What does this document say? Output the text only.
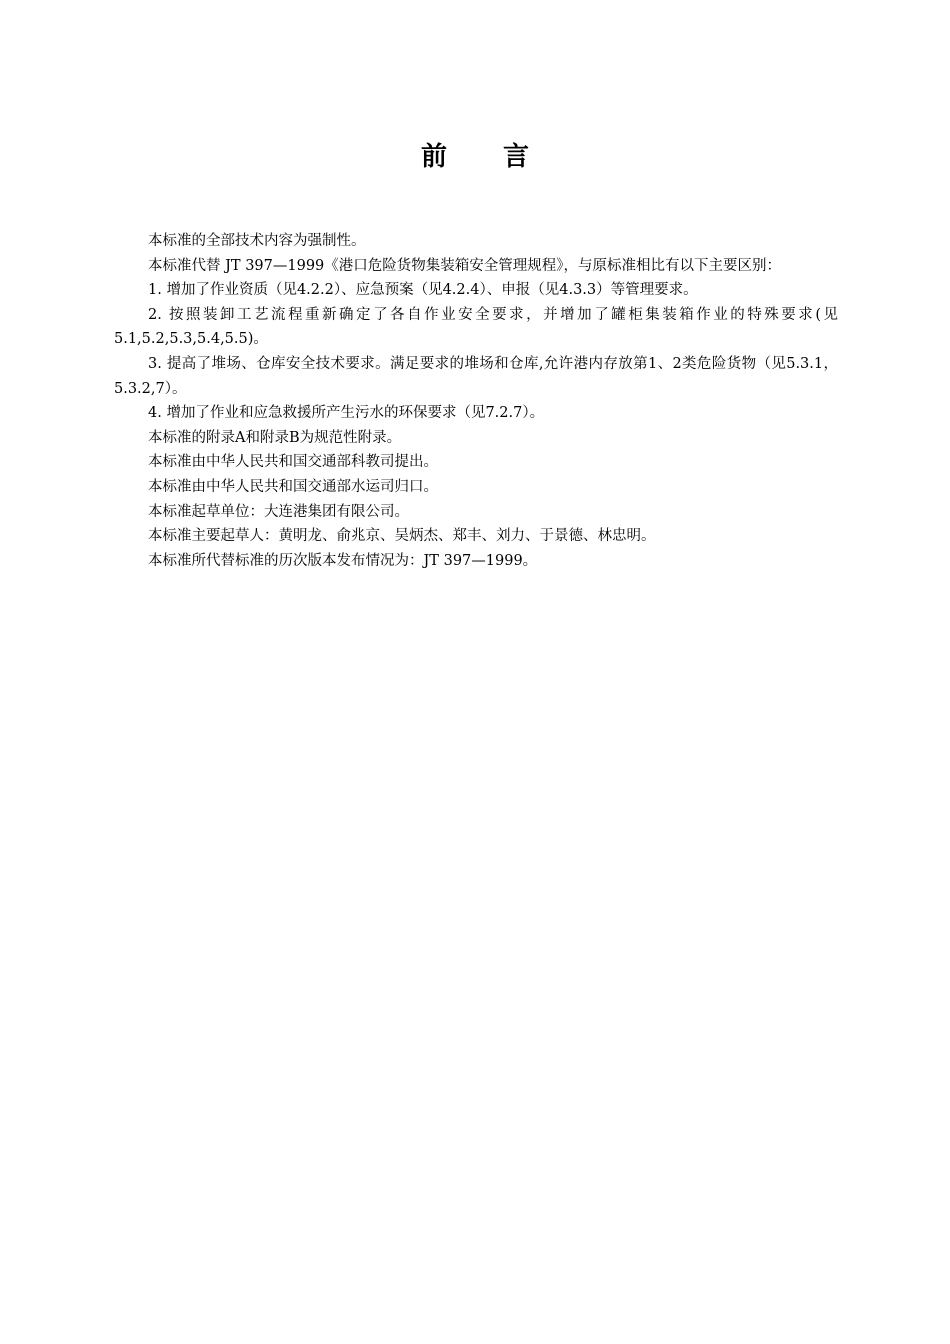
前言

本标准的全部技术内容为强制性。

本标准代替 JT 397—1999《港口危险货物集装箱安全管理规程》，与原标准相比有以下主要区别：

1. 增加了作业资质（见4.2.2）、应急预案（见4.2.4）、申报（见4.3.3）等管理要求。

2. 按照装卸工艺流程重新确定了各自作业安全要求，并增加了罐柜集装箱作业的特殊要求(见5.1,5.2,5.3,5.4,5.5)。

3. 提高了堆场、仓库安全技术要求。满足要求的堆场和仓库,允许港内存放第1、2类危险货物（见5.3.1，5.3.2,7）。

4. 增加了作业和应急救援所产生污水的环保要求（见7.2.7）。

本标准的附录A和附录B为规范性附录。

本标准由中华人民共和国交通部科教司提出。

本标准由中华人民共和国交通部水运司归口。

本标准起草单位：大连港集团有限公司。

本标准主要起草人：黄明龙、俞兆京、吴炳杰、郑丰、刘力、于景德、林忠明。

本标准所代替标准的历次版本发布情况为：JT 397—1999。
